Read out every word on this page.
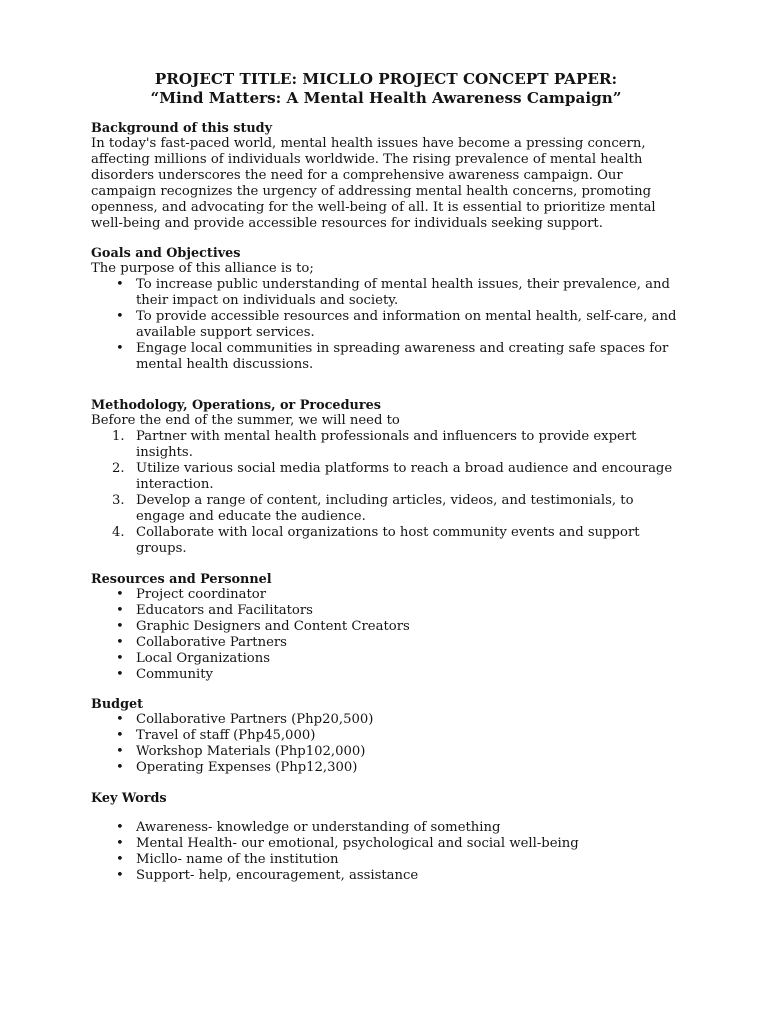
PROJECT TITLE: MICLLO PROJECT CONCEPT PAPER:
“Mind Matters: A Mental Health Awareness Campaign”
Background of this study

In today's fast-paced world, mental health issues have become a pressing concern, affecting millions of individuals worldwide. The rising prevalence of mental health disorders underscores the need for a comprehensive awareness campaign. Our campaign recognizes the urgency of addressing mental health concerns, promoting openness, and advocating for the well-being of all. It is essential to prioritize mental well-being and provide accessible resources for individuals seeking support.

Goals and Objectives

The purpose of this alliance is to;

• To increase public understanding of mental health issues, their prevalence, and their impact on individuals and society.
• To provide accessible resources and information on mental health, self-care, and available support services.
• Engage local communities in spreading awareness and creating safe spaces for mental health discussions.
Methodology, Operations, or Procedures

Before the end of the summer, we will need to

1. Partner with mental health professionals and influencers to provide expert insights.
2. Utilize various social media platforms to reach a broad audience and encourage interaction.
3. Develop a range of content, including articles, videos, and testimonials, to engage and educate the audience.
4. Collaborate with local organizations to host community events and support groups.
Resources and Personnel
• Project coordinator
• Educators and Facilitators
• Graphic Designers and Content Creators
• Collaborative Partners
• Local Organizations
• Community
Budget
• Collaborative Partners (Php20,500)
• Travel of staff (Php45,000)
• Workshop Materials (Php102,000)
• Operating Expenses (Php12,300)
Key Words
• Awareness- knowledge or understanding of something
• Mental Health- our emotional, psychological and social well-being
• Micllo- name of the institution
• Support- help, encouragement, assistance
